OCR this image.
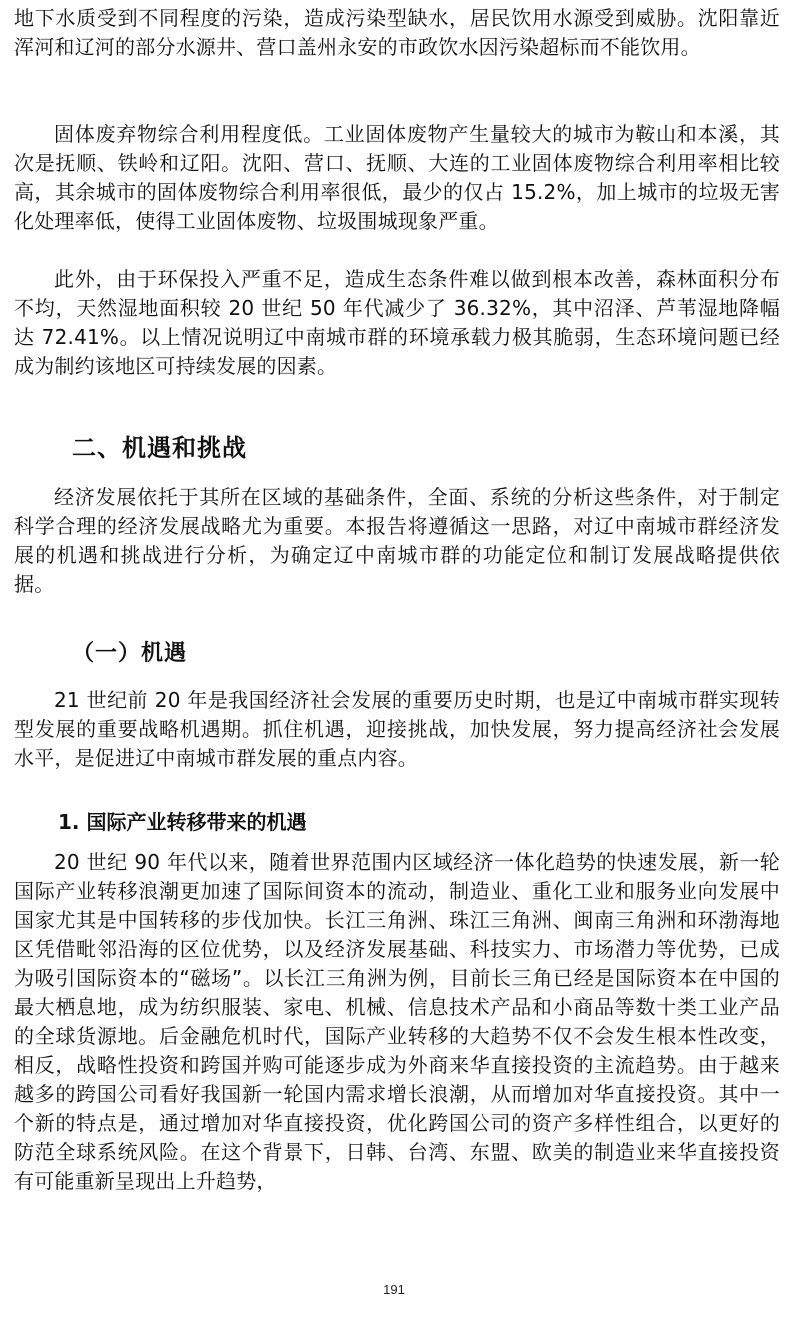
地下水质受到不同程度的污染，造成污染型缺水，居民饮用水源受到威胁。沈阳靠近浑河和辽河的部分水源井、营口盖州永安的市政饮水因污染超标而不能饮用。

固体废弃物综合利用程度低。工业固体废物产生量较大的城市为鞍山和本溪，其次是抚顺、铁岭和辽阳。沈阳、营口、抚顺、大连的工业固体废物综合利用率相比较高，其余城市的固体废物综合利用率很低，最少的仅占 15.2%，加上城市的垃圾无害化处理率低，使得工业固体废物、垃圾围城现象严重。

此外，由于环保投入严重不足，造成生态条件难以做到根本改善，森林面积分布不均，天然湿地面积较 20 世纪 50 年代减少了 36.32%，其中沼泽、芦苇湿地降幅达 72.41%。以上情况说明辽中南城市群的环境承载力极其脆弱，生态环境问题已经成为制约该地区可持续发展的因素。

二、机遇和挑战

经济发展依托于其所在区域的基础条件，全面、系统的分析这些条件，对于制定科学合理的经济发展战略尤为重要。本报告将遵循这一思路，对辽中南城市群经济发展的机遇和挑战进行分析，为确定辽中南城市群的功能定位和制订发展战略提供依据。

（一）机遇

21 世纪前 20 年是我国经济社会发展的重要历史时期，也是辽中南城市群实现转型发展的重要战略机遇期。抓住机遇，迎接挑战，加快发展，努力提高经济社会发展水平，是促进辽中南城市群发展的重点内容。

1. 国际产业转移带来的机遇

20 世纪 90 年代以来，随着世界范围内区域经济一体化趋势的快速发展，新一轮国际产业转移浪潮更加速了国际间资本的流动，制造业、重化工业和服务业向发展中国家尤其是中国转移的步伐加快。长江三角洲、珠江三角洲、闽南三角洲和环渤海地区凭借毗邻沿海的区位优势，以及经济发展基础、科技实力、市场潜力等优势，已成为吸引国际资本的“磁场”。以长江三角洲为例，目前长三角已经是国际资本在中国的最大栖息地，成为纺织服装、家电、机械、信息技术产品和小商品等数十类工业产品的全球货源地。后金融危机时代，国际产业转移的大趋势不仅不会发生根本性改变，相反，战略性投资和跨国并购可能逐步成为外商来华直接投资的主流趋势。由于越来越多的跨国公司看好我国新一轮国内需求增长浪潮，从而增加对华直接投资。其中一个新的特点是，通过增加对华直接投资，优化跨国公司的资产多样性组合，以更好的防范全球系统风险。在这个背景下，日韩、台湾、东盟、欧美的制造业来华直接投资有可能重新呈现出上升趋势，

191
